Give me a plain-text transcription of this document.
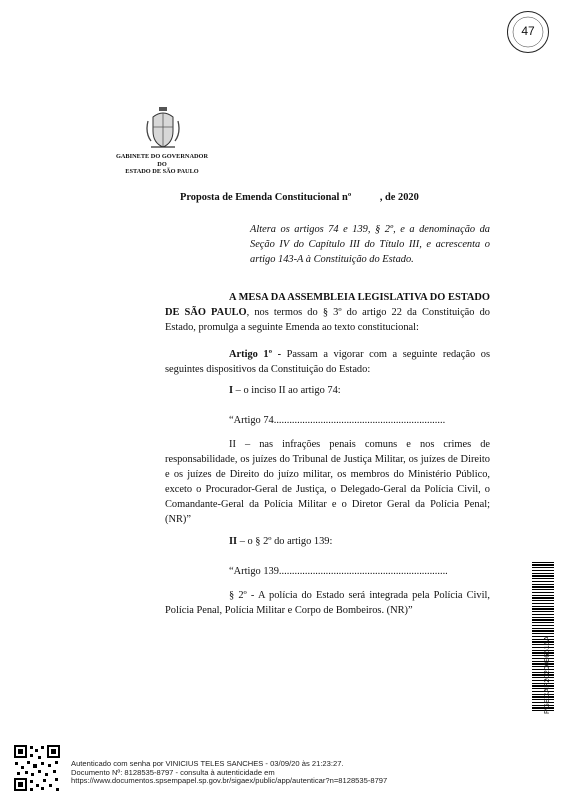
47
GABINETE DO GOVERNADOR
DO
ESTADO DE SÃO PAULO
Proposta de Emenda Constitucional nº           , de 2020
Altera os artigos 74 e 139, § 2º, e a denominação da Seção IV do Capítulo III do Título III, e acrescenta o artigo 143-A à Constituição do Estado.
A MESA DA ASSEMBLEIA LEGISLATIVA DO ESTADO DE SÃO PAULO, nos termos do § 3º do artigo 22 da Constituição do Estado, promulga a seguinte Emenda ao texto constitucional:
Artigo 1º - Passam a vigorar com a seguinte redação os seguintes dispositivos da Constituição do Estado:
I – o inciso II ao artigo 74:
“Artigo 74..................................................................
II – nas infrações penais comuns e nos crimes de responsabilidade, os juízes do Tribunal de Justiça Militar, os juízes de Direito e os juízes de Direito do juízo militar, os membros do Ministério Público, exceto o Procurador-Geral de Justiça, o Delegado-Geral da Polícia Civil, o Comandante-Geral da Polícia Militar e o Diretor Geral da Polícia Penal; (NR)”
II – o § 2º do artigo 139:
“Artigo 139.................................................................
§ 2º - A polícia do Estado será integrada pela Polícia Civil, Polícia Penal, Polícia Militar e Corpo de Bombeiros. (NR)”
PGECAP2020096515A
Autenticado com senha por VINICIUS TELES SANCHES - 03/09/20 às 21:23:27.
Documento Nº: 8128535-8797 - consulta à autenticidade em
https://www.documentos.spsempapel.sp.gov.br/sigaex/public/app/autenticar?n=8128535-8797
